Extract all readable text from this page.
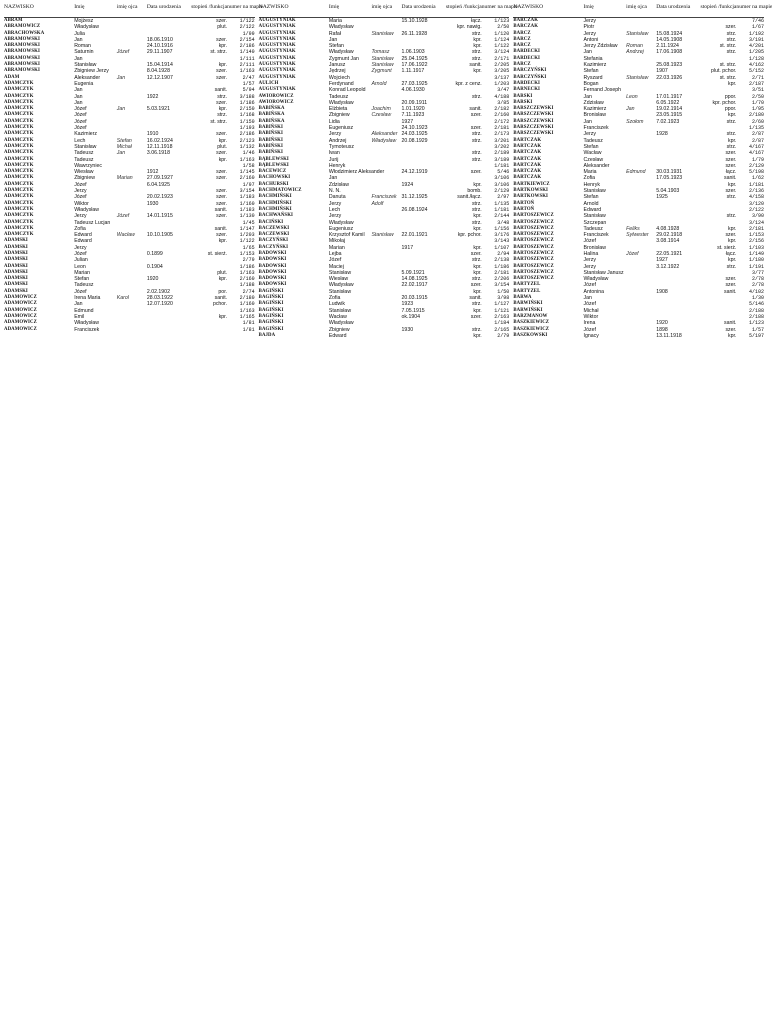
NAZWISKO	Imię	imię ojca	Data urodzenia	stopień /funkcja numer na mapie
ABRAM	Mojżesz	szer.	1/122
ABRAMOWICZ	Władysław	plut.	2/122
ABRACHOWSKA	Julia	1/99
ABRAMOWSKI	Jan	18.06.1910	szer.	2/154
ABRAMOWSKI	Roman	24.10.1916	kpr.	2/186
ABRAMOWSKI	Saturnin	Józef	29.11.1907	st. strz.	1/140
ABRAMOWSKI	Jan	1/111
ABRAMOWSKI	Stanisław	15.04.1914	kpr.	2/111
ABRAMOWSKI	Zbigniew Jerzy	8.04.1928	szer.	1/163
ADAM	Aleksander	Jan	12.12.1907	szer.	2/47
ADAMCZYK	Eugenia	1/57
ADAMCZYK	Jan	sanit.	5/94
ADAMCZYK	Jan	1922	strz.	3/188
ADAMCZYK	Jan	szer.	1/186
ADAMCZYK	Józef	Jan	5.03.1921	kpr.	2/150
ADAMCZYK	Józef	strz.	1/168
ADAMCZYK	Józef	st. strz.	1/150
ADAMCZYK	Józef	1/193
ADAMCZYK	Kazimierz	1910	szer.	2/186
ADAMCZYK	Lech	Stefan	16.02.1924	kpr.	2/123
ADAMCZYK	Stanisław	Michał	12.11.1918	plut.	1/132
ADAMCZYK	Tadeusz	Jan	3.06.1918	szer.	1/46
ADAMCZYK	Tadeusz	kpr.	1/163
ADAMCZYK	Wawrzyniec	1/58
ADAMCZYK	Wiesław	1912	szer.	1/145
ADAMCZYK	Zbigniew	Marian	27.09.1927	szer.	2/160
ADAMCZYK	Józef	6.04.1925	1/97
ADAMCZYK	Jerzy	szer.	3/154
ADAMCZYK	Józef	20.02.1923	szer.	1/183
ADAMCZYK	Wiktor	1930	szer.	1/160
ADAMCZYK	Władysław	sanit.	1/183
ADAMCZYK	Jerzy	Józef	14.01.1915	szer.	1/130
ADAMCZYK	Tadeusz Lucjan	1/45
ADAMCZYK	Zofia	sanit.	1/147
ADAMCZYK	Edward	Wacław	10.10.1905	szer.	1/203
ADAMSKI	Edward	kpr.	1/122
ADAMSKI	Jerzy	1/65
ADAMSKI	Józef	0.1899	st. sierż.	1/153
ADAMSKI	Julian	2/79
ADAMSKI	Leon	0.1904	1/186
ADAMSKI	Marian	plut.	1/163
ADAMSKI	Stefan	1920	kpr.	2/160
ADAMSKI	Tadeusz	1/188
ADAMSKI	Józef	2.02.1902	por.	2/74
ADAMOWICZ	Irena Maria	Karol	28.03.1922	sanit.	2/180
ADAMOWICZ	Jan	12.07.1920	pchor.	1/160
ADAMOWICZ	Edmund	1/163
ADAMOWICZ	Emil	kpr.	1/165
ADAMOWICZ	Władysław	1/81
ADAMOWICZ	Franciszek	1/81
NAZWISKO	Imię	imię ojca	Data urodzenia	stopień /funkcja numer na mapie
AUGUSTYNIAK	Maria	15.10.1928	łącz.	1/123
AUGUSTYNIAK	Władysław	kpr. nawig.	2/50
AUGUSTYNIAK	Rafał	Stanisław	26.11.1928	strz.	1/120
AUGUSTYNIAK	Jan	kpr.	1/124
AUGUSTYNIAK	Stefan	kpr.	1/122
AUGUSTYNIAK	Władysław	Tomasz	1.06.1903	strz.	3/124
AUGUSTYNIAK	Zygmunt Jan	Stanisław	25.04.1925	strz.	2/171
AUGUSTYNIAK	Janusz	Stanisław	17.06.1922	sanit.	2/205
AUGUSTYNIAK	Jędrzej	Zygmunt	1.11.1917	kpr.	3/205
AUGUSTYNIAK	Wojciech	3/137
AULICH	Ferdynand	Arnold	27.03.1925	kpr. z cenz.	1/203
AUGUSTYNIAK	Konrad Leopold	4.06.1930	3/47
AWIOROWICZ	Tadeusz	strz.	4/188
AWIOROWICZ	Władysław	20.09.1911	3/85
BABIŃSKA	Elżbieta	Joachim	1.01.1920	sanit.	2/182
BABIŃSKA	Zbigniew	Czesław	7.11.1923	szer.	2/160
BABIŃSKA	Lidia	1927	2/172
BABIŃSKI	Eugeniusz	24.10.1923	szer.	2/181
BABIŃSKI	Jerzy	Aleksander 24.03.1925	strz.	2/173
BABIŃSKI	Andrzej	Władysław	20.08.1929	strz.	3/201
BABIŃSKI	Tymoteusz	3/202
BABIŃSKI	Iwan	strz.	2/189
BĄBLEWSKI	Jurij	strz.	3/189
BĄBLEWSKI	Henryk	1/181
BACEWICZ	Włodzimierz Aleksander	24.12.1919	szer.	5/46
BACHOWSKI	Jan	3/106
BACHURSKI	Zdzisław	1924	kpr.	3/106
BACHMATOWICZ	N. N.	bomb.	2/129
BACHMIŃSKI	Danuta	Franciszek 31.12.1925	sanit./łącz.	2/97
BACHMIŃSKI	Jerzy	Adolf	strz.	1/135
BACHMIŃSKI	Lech	26.08.1924	strz.	1/181
BACHWAŃSKI	Jerzy	kpr.	2/144
BACIŃSKI	Władysław	strz.	3/48
BACZEWSKI	Eugeniusz	kpr.	1/156
BACZEWSKI	Krzysztof Kamil	Stanisław	22.01.1921	kpr. pchor.	3/176
BACZYŃSKI	Mikołaj	3/143
BACZYŃSKI	Marian	1917	kpr.	1/107
BADOWSKI	Lejba	szer.	2/94
BADOWSKI	Józef	strz.	2/138
BADOWSKI	Maciej	kpr.	1/186
BADOWSKI	Stanisław	5.09.1921	kpr.	2/181
BADOWSKI	Wiesław	14.08.1925	strz.	2/206
BADOWSKI	Władysław	22.02.1917	szer.	3/154
BAGIŃSKI	Stanisław	kpr.	1/50
BAGIŃSKI	Zofia	20.03.1915	sanit.	3/98
BAGIŃSKI	Ludwik	1923	strz.	1/127
BAGIŃSKI	Stanisław	7.05.1915	kpr.	1/121
BAGIŃSKI	Wacław	ok.1904	szer.	2/163
BAGIŃSKI	Władysław	1/184
BAGIŃSKI	Zbigniew	1930	strz.	2/165
BAJDA	Edward	kpr.	2/79
NAZWISKO	Imię	imię ojca	Data urodzenia	stopień /funkcja numer na mapie
BARCZAK	Jerzy	7/46
BARCZAK	Piotr	szer.	1/67
BARCZ	Jerzy	Stanisław	15.08.1924	strz.	1/192
BARCZ	Antoni	14.05.1908	strz.	3/191
BARCZ	Jerzy Zdzisław	Roman	2.11.1924	st. strz.	4/201
BARDECKI	Jan	Andrzej	17.06.1908	strz.	1/205
BARDECKI	Stefania	1/128
BARCZ	Kazimierz	25.08.1923	st. strz.	4/162
BARCZYŃSKI	Stefan	1907	plut. pchor.	5/152
BARCZYŃSKI	Ryszard	Stanisław	22.03.1926	st. strz.	2/71
BARDECKI	Bogan	kpr.	2/187
BARNECKI	Fernand Joseph	3/51
BARSKI	Jan	Leon	17.01.1917	ppor.	2/50
BARSKI	Zdzisław	6.05.1922	kpr. pchor.	1/70
BARSZCZEWSKI	Kazimierz	Jan	19.02.1914	ppor.	1/95
BARSZCZEWSKI	Bronisław	23.05.1915	kpr.	2/180
BARSZCZEWSKI	Jan	Szołom	7.02.1923	strz.	2/60
BARSZCZEWSKI	Franciszek	1/135
BARSZCZEWSKI	Jerzy	1928	strz.	2/87
BARTCZAK	Tadeusz	kpr.	2/87
BARTCZAK	Stefan	strz.	4/167
BARTCZAK	Wacław	szer.	4/167
BARTCZAK	Czesław	szer.	1/79
BARTCZAK	Aleksander	szer.	2/129
BARTCZAK	Maria	Edmund	30.03.1931	łącz.	5/198
BARTCZAK	Zofia	17.05.1923	sanit.	1/62
BARTKIEWICZ	Henryk	kpr.	1/181
BARTKOWSKI	Stanisław	5.04.1903	szer.	2/136
BARTKOWSKI	Stefan	1925	strz.	4/158
BARTOŃ	Arnold	3/120
BARTOŃ	Edward	2/122
BARTOSZEWICZ	Stanisław	strz.	3/90
BARTOSZEWICZ	Szczepan	3/124
BARTOSZEWICZ	Tadeusz	Feliks	4.08.1928	kpr.	2/181
BARTOSZEWICZ	Franciszek	Sylwester	29.02.1918	szer.	1/153
BARTOSZEWICZ	Józef	3.08.1914	kpr.	2/156
BARTOSZEWICZ	Bronisław	st. sierż.	1/103
BARTOSZEWICZ	Halina	Józef	22.05.1921	łącz.	1/149
BARTOSZEWICZ	Jerzy	1927	kpr.	1/180
BARTOSZEWICZ	Jerzy	3.12.1922	strz.	1/191
BARTOSZEWICZ	Stanisław Janusz	3/77
BARTOSZEWICZ	Władysław	szer.	2/78
BARTYZEL	Józef	szer.	2/78
BARTYZEL	Antonina	1908	sanit.	4/102
BARWA	Jan	1/30
BARWIŃSKI	Józef	5/146
BARWIŃSKI	Michał	2/188
BARZMANOW	Wiktor	2/188
BASZKIEWICZ	Irena	1920	sanit.	1/123
BASZKIEWICZ	Józef	1898	szer.	1/57
BASZKOWSKI	Ignacy	13.11.1918	kpr.	5/197
